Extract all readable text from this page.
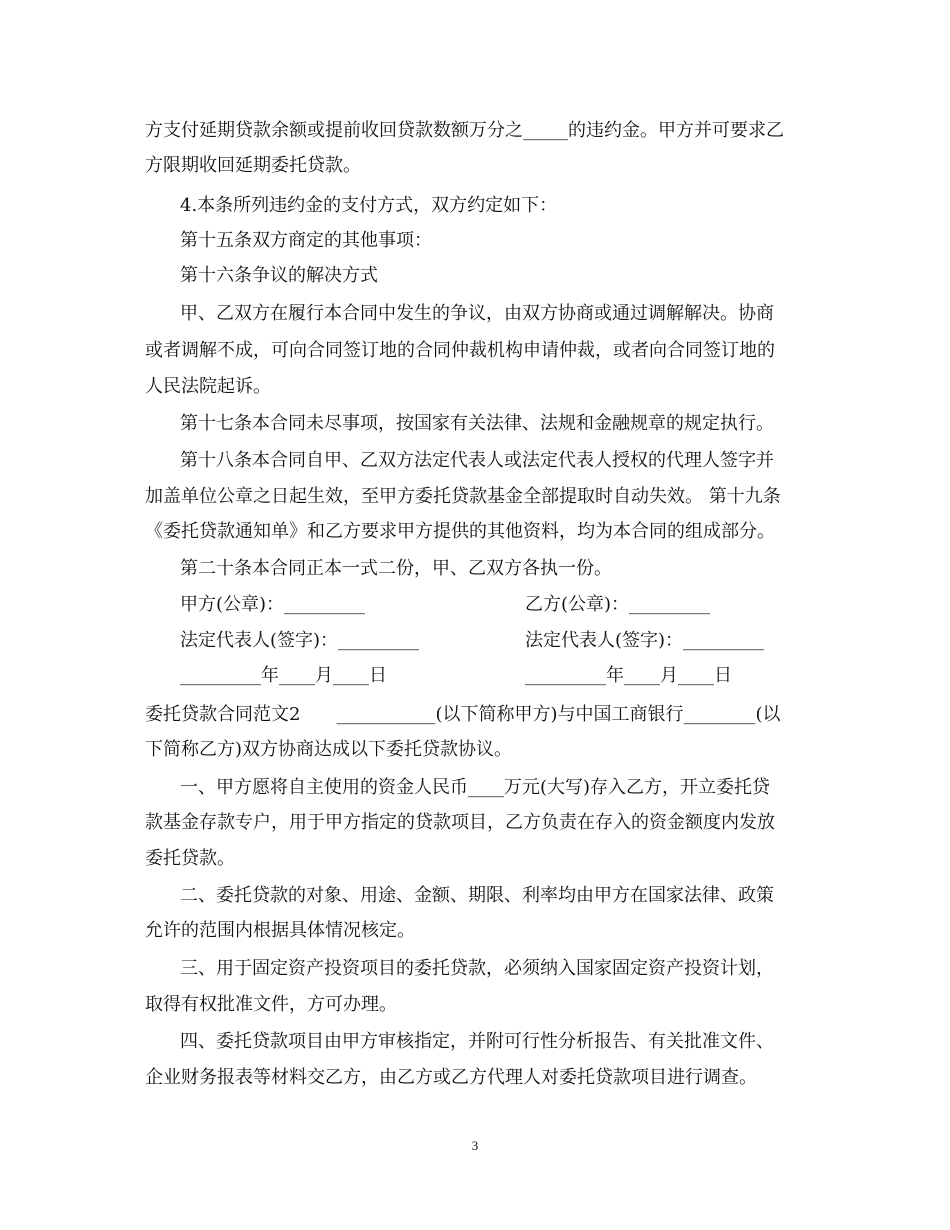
方支付延期贷款余额或提前收回贷款数额万分之_____的违约金。甲方并可要求乙
方限期收回延期委托贷款。
4.本条所列违约金的支付方式，双方约定如下：
第十五条双方商定的其他事项：
第十六条争议的解决方式
甲、乙双方在履行本合同中发生的争议，由双方协商或通过调解解决。协商
或者调解不成，可向合同签订地的合同仲裁机构申请仲裁，或者向合同签订地的
人民法院起诉。
第十七条本合同未尽事项，按国家有关法律、法规和金融规章的规定执行。
第十八条本合同自甲、乙双方法定代表人或法定代表人授权的代理人签字并
加盖单位公章之日起生效，至甲方委托贷款基金全部提取时自动失效。 第十九条
《委托贷款通知单》和乙方要求甲方提供的其他资料，均为本合同的组成部分。
第二十条本合同正本一式二份，甲、乙双方各执一份。
甲方(公章)：_________	乙方(公章)：_________
法定代表人(签字)：_________	法定代表人(签字)：_________
_________年____月____日	_________年____月____日
委托贷款合同范文2　　___________(以下简称甲方)与中国工商银行________(以
下简称乙方)双方协商达成以下委托贷款协议。
一、甲方愿将自主使用的资金人民币____万元(大写)存入乙方，开立委托贷
款基金存款专户，用于甲方指定的贷款项目，乙方负责在存入的资金额度内发放
委托贷款。
二、委托贷款的对象、用途、金额、期限、利率均由甲方在国家法律、政策
允许的范围内根据具体情况核定。
三、用于固定资产投资项目的委托贷款，必须纳入国家固定资产投资计划，
取得有权批准文件，方可办理。
四、委托贷款项目由甲方审核指定，并附可行性分析报告、有关批准文件、
企业财务报表等材料交乙方，由乙方或乙方代理人对委托贷款项目进行调查。
3
